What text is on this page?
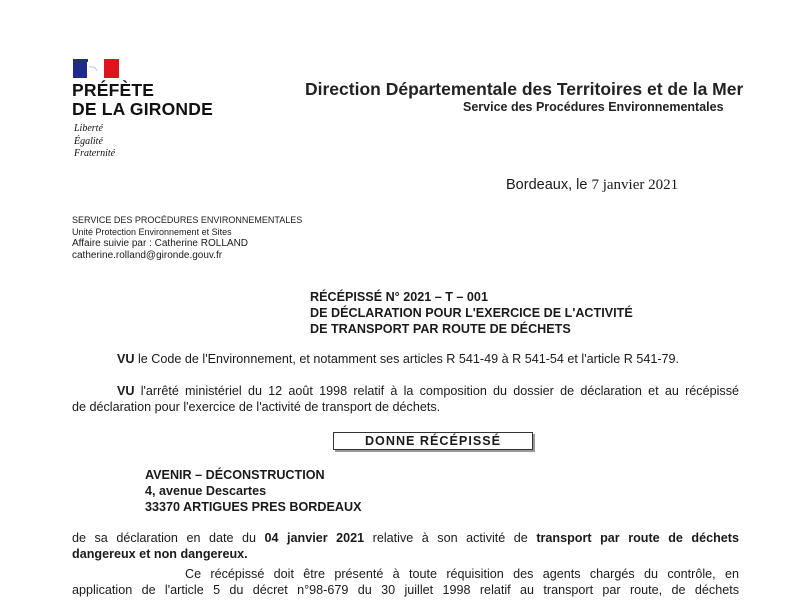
PRÉFÈTE
DE LA GIRONDE
Liberté
Égalité
Fraternité
Direction Départementale des Territoires et de la Mer
Service des Procédures Environnementales
Bordeaux, le 7 janvier 2021
SERVICE DES PROCÉDURES ENVIRONNEMENTALES
Unité Protection Environnement et Sites
Affaire suivie par : Catherine ROLLAND
catherine.rolland@gironde.gouv.fr
RÉCÉPISSÉ N° 2021 – T – 001
DE DÉCLARATION POUR L'EXERCICE DE L'ACTIVITÉ
DE TRANSPORT PAR ROUTE DE DÉCHETS
VU le Code de l'Environnement, et notamment ses articles R 541-49 à R 541-54 et l'article R 541-79.
VU l'arrêté ministériel du 12 août 1998 relatif à la composition du dossier de déclaration et au récépissé
de déclaration pour l'exercice de l'activité de transport de déchets.
DONNE RÉCÉPISSÉ
AVENIR – DÉCONSTRUCTION
4, avenue Descartes
33370 ARTIGUES PRES BORDEAUX
de sa déclaration en date du 04 janvier 2021 relative à son activité de transport par route de déchets
dangereux et non dangereux.
Ce récépissé doit être présenté à toute réquisition des agents chargés du contrôle, en
application de l'article 5 du décret n°98-679 du 30 juillet 1998 relatif au transport par route, de déchets
